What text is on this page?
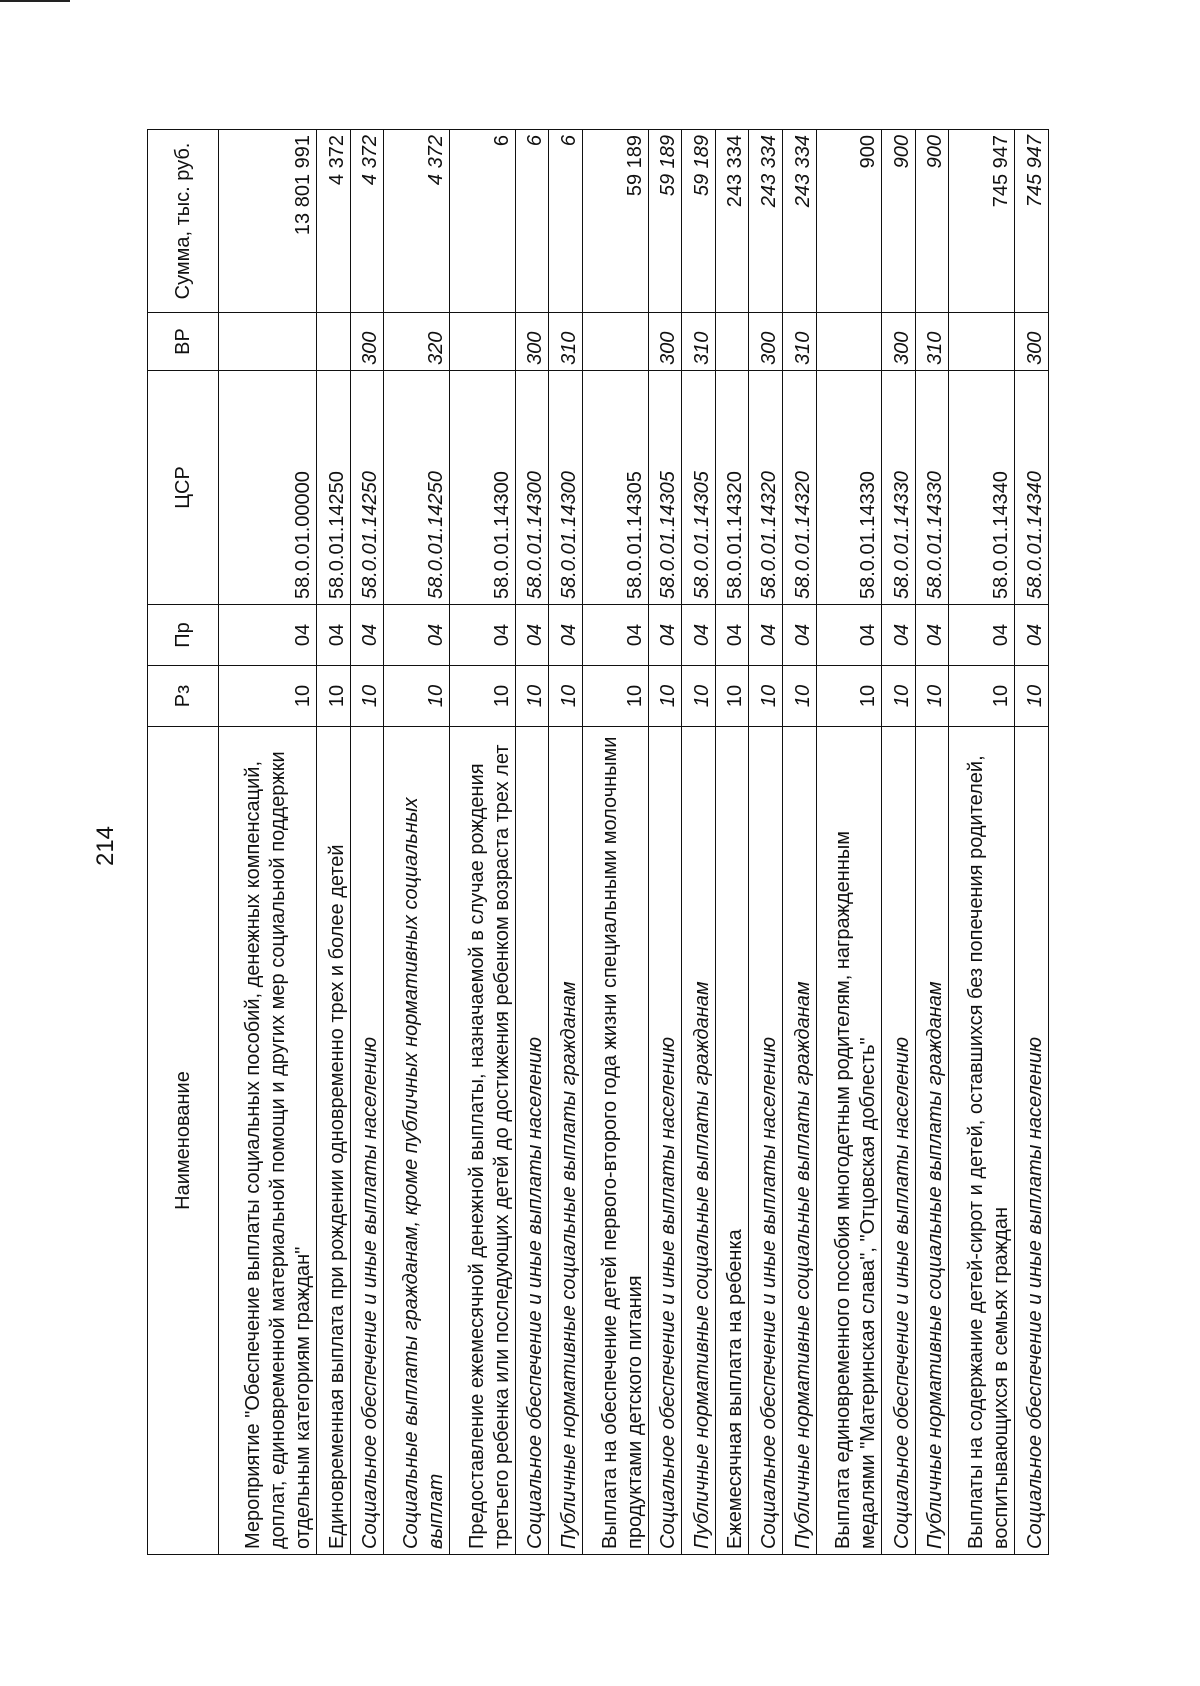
214
Наименование	Рз	Пр	ЦСР	ВР	Сумма, тыс. руб.
Мероприятие "Обеспечение выплаты социальных пособий, денежных компенсаций, доплат, единовременной материальной помощи и других мер социальной поддержки отдельным категориям граждан"	10	04	58.0.01.00000		13 801 991
Единовременная выплата при рождении одновременно трех и более детей	10	04	58.0.01.14250		4 372
Социальное обеспечение и иные выплаты населению	10	04	58.0.01.14250	300	4 372
Социальные выплаты гражданам, кроме публичных нормативных социальных выплат	10	04	58.0.01.14250	320	4 372
Предоставление ежемесячной денежной выплаты, назначаемой в случае рождения третьего ребенка или последующих детей до достижения ребенком возраста трех лет	10	04	58.0.01.14300		6
Социальное обеспечение и иные выплаты населению	10	04	58.0.01.14300	300	6
Публичные нормативные социальные выплаты гражданам	10	04	58.0.01.14300	310	6
Выплата на обеспечение детей первого-второго года жизни специальными молочными продуктами детского питания	10	04	58.0.01.14305		59 189
Социальное обеспечение и иные выплаты населению	10	04	58.0.01.14305	300	59 189
Публичные нормативные социальные выплаты гражданам	10	04	58.0.01.14305	310	59 189
Ежемесячная выплата на ребенка	10	04	58.0.01.14320		243 334
Социальное обеспечение и иные выплаты населению	10	04	58.0.01.14320	300	243 334
Публичные нормативные социальные выплаты гражданам	10	04	58.0.01.14320	310	243 334
Выплата единовременного пособия многодетным родителям, награжденным медалями "Материнская слава", "Отцовская доблесть"	10	04	58.0.01.14330		900
Социальное обеспечение и иные выплаты населению	10	04	58.0.01.14330	300	900
Публичные нормативные социальные выплаты гражданам	10	04	58.0.01.14330	310	900
Выплаты на содержание детей-сирот и детей, оставшихся без попечения родителей, воспитывающихся в семьях граждан	10	04	58.0.01.14340		745 947
Социальное обеспечение и иные выплаты населению	10	04	58.0.01.14340	300	745 947
